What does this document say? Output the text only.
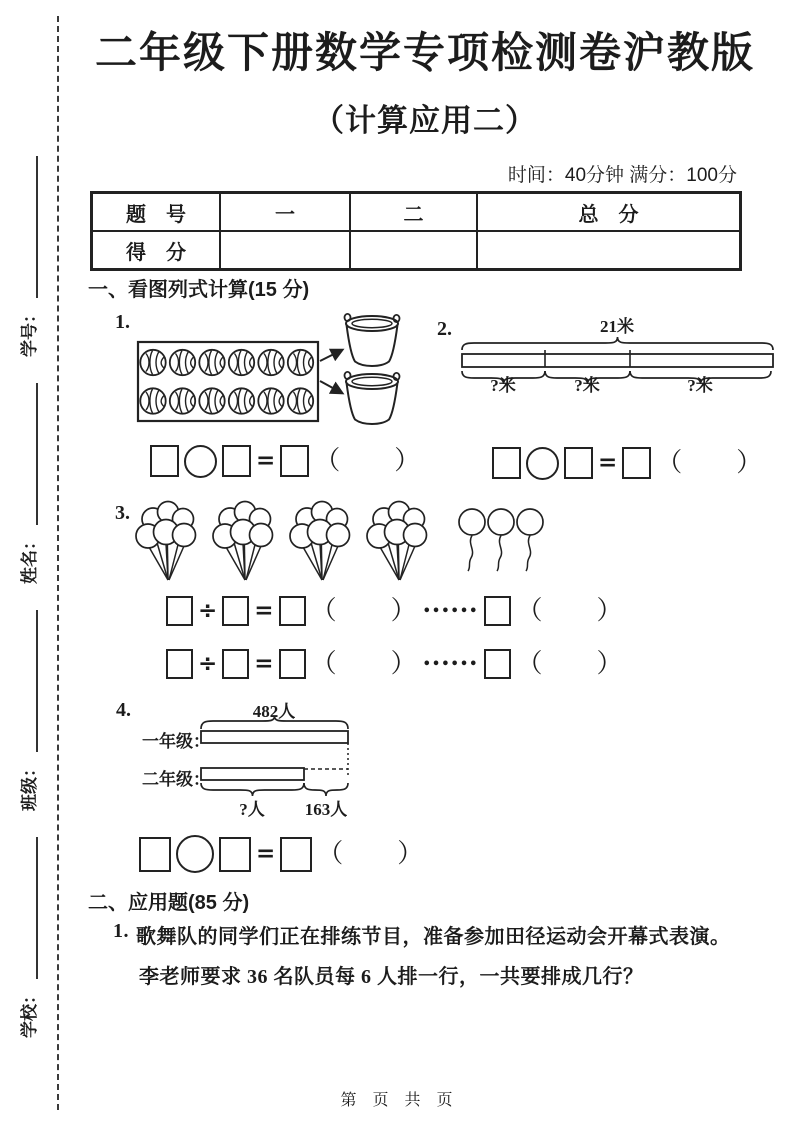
学校：
班级：
姓名：
学号：
二年级下册数学专项检测卷沪教版
（计算应用二）
时间：40分钟 满分：100分
题　号	一	二	总　分
得　分
一、看图列式计算(15 分)
1.	2.	21米
?米	?米	?米
= （ ）	= （ ）
3.
÷ = （ ） •••••• （ ）
÷ = （ ） •••••• （ ）
4.	482人
一年级：
二年级：
?人 163人
= （ ）
二、应用题(85 分)
1. 歌舞队的同学们正在排练节目，准备参加田径运动会开幕式表演。
李老师要求 36 名队员每 6 人排一行，一共要排成几行？
第　页　共　页
